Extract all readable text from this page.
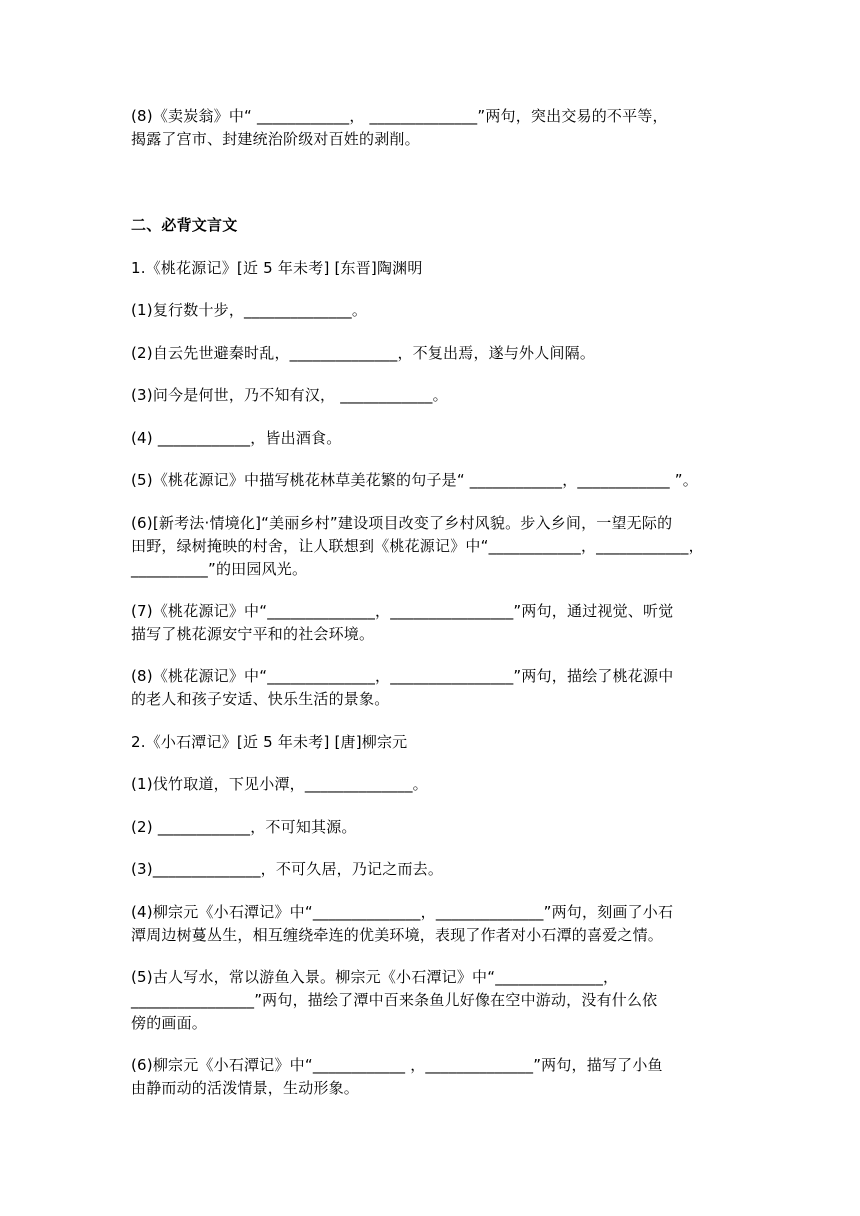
(8)《卖炭翁》中“ ____________， ______________”两句，突出交易的不平等，
揭露了宫市、封建统治阶级对百姓的剥削。
二、必背文言文
1.《桃花源记》[近 5 年未考] [东晋]陶渊明
(1)复行数十步，______________。
(2)自云先世避秦时乱，______________，不复出焉，遂与外人间隔。
(3)问今是何世，乃不知有汉， ____________。
(4) ____________，皆出酒食。
(5)《桃花源记》中描写桃花林草美花繁的句子是“ ____________，____________ ”。
(6)[新考法·情境化]“美丽乡村”建设项目改变了乡村风貌。步入乡间，一望无际的
田野，绿树掩映的村舍，让人联想到《桃花源记》中“____________，____________，
__________”的田园风光。
(7)《桃花源记》中“______________，________________”两句，通过视觉、听觉
描写了桃花源安宁平和的社会环境。
(8)《桃花源记》中“______________，________________”两句，描绘了桃花源中
的老人和孩子安适、快乐生活的景象。
2.《小石潭记》[近 5 年未考] [唐]柳宗元
(1)伐竹取道，下见小潭，______________。
(2) ____________，不可知其源。
(3)______________，不可久居，乃记之而去。
(4)柳宗元《小石潭记》中“______________，______________”两句，刻画了小石
潭周边树蔓丛生，相互缠绕牵连的优美环境，表现了作者对小石潭的喜爱之情。
(5)古人写水，常以游鱼入景。柳宗元《小石潭记》中“______________，
________________”两句，描绘了潭中百来条鱼儿好像在空中游动，没有什么依
傍的画面。
(6)柳宗元《小石潭记》中“____________ ，______________”两句，描写了小鱼
由静而动的活泼情景，生动形象。
